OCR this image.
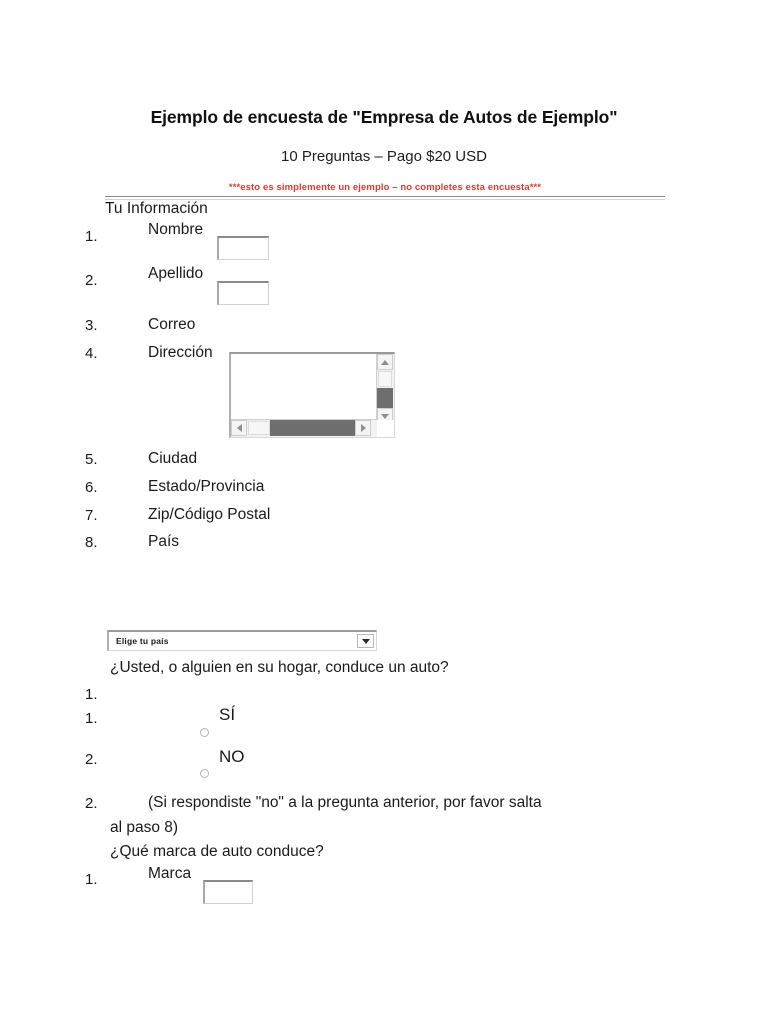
Ejemplo de encuesta de "Empresa de Autos de Ejemplo"
10 Preguntas – Pago $20 USD
***esto es simplemente un ejemplo – no completes esta encuesta***
Tu Información
1.	Nombre
2.	Apellido
3.	Correo
4.	Dirección
5.	Ciudad
6.	Estado/Provincia
7.	Zip/Código Postal
8.	País
Elige tu país
¿Usted, o alguien en su hogar, conduce un auto?
1.
1.	SÍ
2.	NO
2.	(Si respondiste "no" a la pregunta anterior, por favor salta
al paso 8)
¿Qué marca de auto conduce?
1.	Marca
